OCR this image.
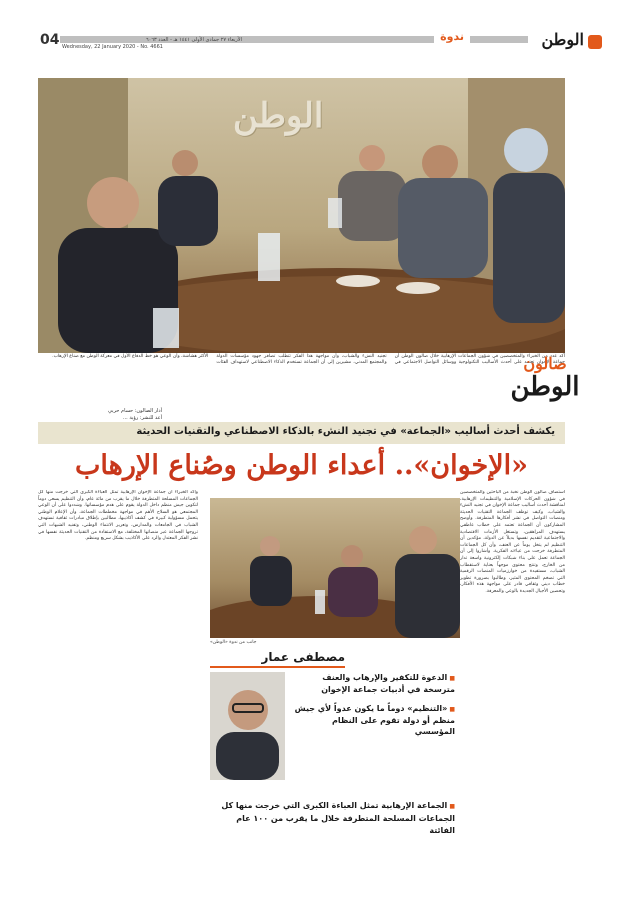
الوطن
ندوة
04	الأربعاء ٢٧ جمادى الأولى ١٤٤١ هـ - العدد ٦٠٦٣
Wednesday, 22 January 2020 - No. 4661
الوطن
أكد عدد من الخبراء والمتخصصين في شؤون الجماعات الإرهابية خلال صالون الوطن أن جماعة الإخوان تعتمد على أحدث الأساليب التكنولوجية ووسائل التواصل الاجتماعي في تجنيد النشء والشباب، وأن مواجهة هذا الفكر تتطلب تضافر جهود مؤسسات الدولة والمجتمع المدني، مشيرين إلى أن الجماعة تستخدم الذكاء الاصطناعي لاستهداف الفئات الأكثر هشاشة، وأن الوعي هو خط الدفاع الأول في معركة الوطن مع صناع الإرهاب.	صالون
الوطن
أدار الصالون: حسام حربي
أعد للنشر: رؤية ...
يكشف أحدث أساليب «الجماعة» في تجنيد النشء بالذكاء الاصطناعي والتقنيات الحديثة
«الإخوان».. أعداء الوطن وصُناع الإرهاب
استضاف صالون الوطن نخبة من الباحثين والمتخصصين في شؤون الحركات الإسلامية والتنظيمات الإرهابية، لمناقشة أحدث أساليب جماعة الإخوان في تجنيد النشء والشباب، وكيف توظف الجماعة التقنيات الحديثة ومنصات التواصل في نشر أفكارها المتطرفة. وأوضح المشاركون أن الجماعة تعتمد على خطاب عاطفي يستهدف المراهقين، وتستغل الأزمات الاقتصادية والاجتماعية لتقديم نفسها بديلاً عن الدولة، مؤكدين أن التنظيم لم يتخل يوماً عن العنف، وأن كل الجماعات المتطرفة خرجت من عباءته الفكرية. وأشاروا إلى أن الجماعة تعمل على بناء شبكات إلكترونية واسعة تدار من الخارج، وتنتج محتوى موجهاً بعناية لاستقطاب الشباب، مستفيدة من خوارزميات المنصات الرقمية التي تضخم المحتوى المثير، وطالبوا بضرورة تطوير خطاب ديني وثقافي قادر على مواجهة هذه الأفكار، وتحصين الأجيال الجديدة بالوعي والمعرفة.
وأكد الخبراء أن جماعة الإخوان الإرهابية تمثل العباءة الكبرى التي خرجت منها كل الجماعات المسلحة المتطرفة خلال ما يقرب من مائة عام، وأن التنظيم يسعى دوماً لتكوين جيش منظم داخل الدولة يقوم على هدم مؤسساتها. وشددوا على أن الوعي المجتمعي هو السلاح الأهم في مواجهة مخططات الجماعة، وأن الإعلام الوطني يتحمل مسؤولية كبيرة في كشف أكاذيبها، مطالبين بإطلاق مبادرات ثقافية تستهدف الشباب في الجامعات والمدارس، وتعزيز الانتماء الوطني، وتفنيد الشبهات التي تروجها الجماعة عبر منصاتها المختلفة، مع الاستفادة من التقنيات الحديثة نفسها في نشر الفكر المعتدل والرد على الأكاذيب بشكل سريع ومنظم.
جانب من ندوة «الوطن»
مصطفى عمار
■ الدعوة للتكفير والإرهاب والعنف مترسخة في أدبيات جماعة الإخوان
■ «التنظيم» دوماً ما يكون عدواً لأي جيش منظم أو دولة تقوم على النظام المؤسسي
■ الجماعة الإرهابية تمثل العباءة الكبرى التي خرجت منها كل الجماعات المسلحة المتطرفة خلال ما يقرب من ١٠٠ عام الفائتة
